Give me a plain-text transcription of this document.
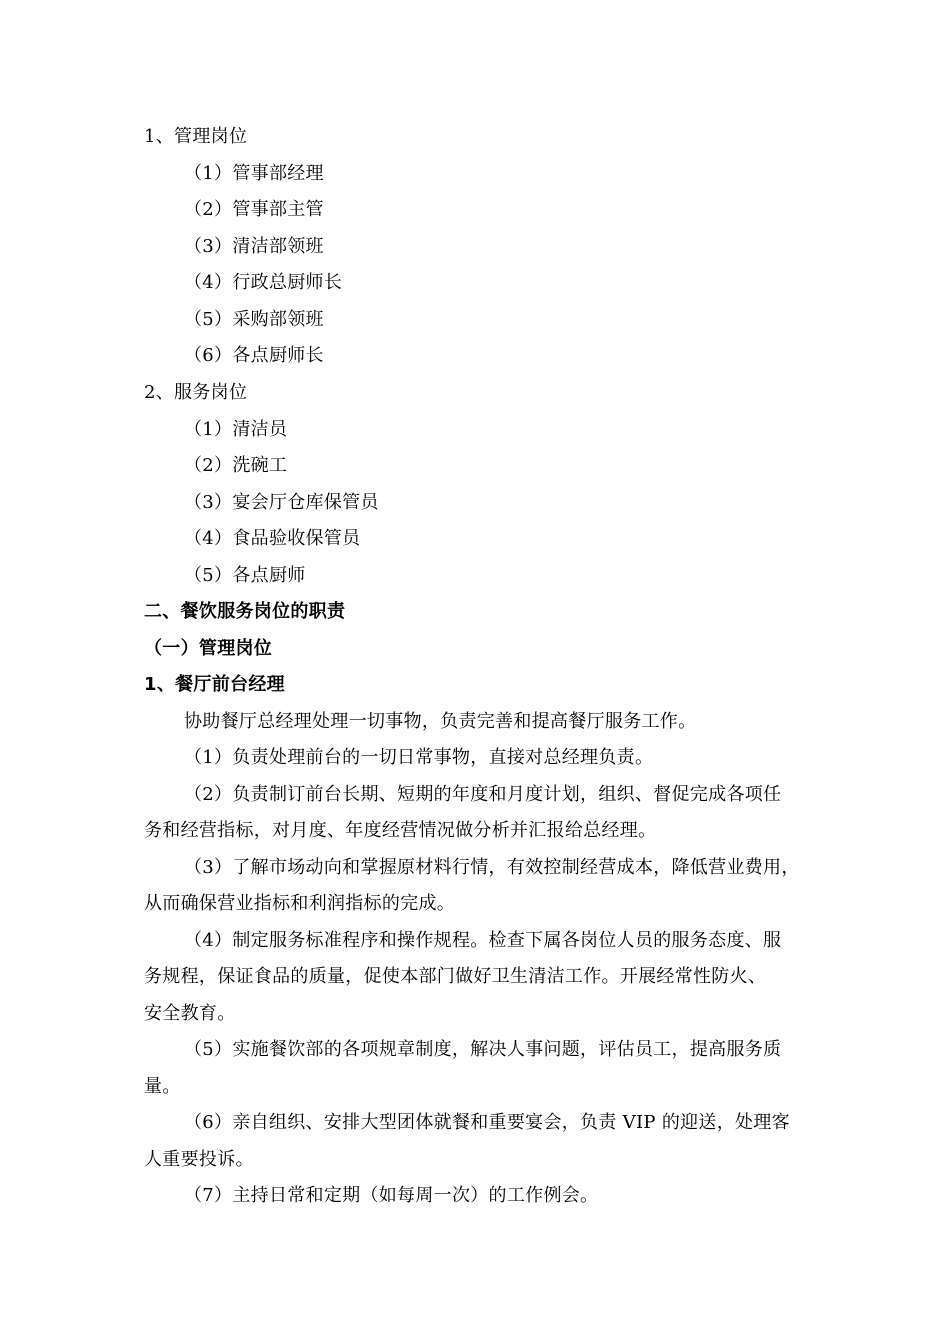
1、管理岗位
（1）管事部经理
（2）管事部主管
（3）清洁部领班
（4）行政总厨师长
（5）采购部领班
（6）各点厨师长
2、服务岗位
（1）清洁员
（2）洗碗工
（3）宴会厅仓库保管员
（4）食品验收保管员
（5）各点厨师
二、餐饮服务岗位的职责
（一）管理岗位
1、餐厅前台经理
协助餐厅总经理处理一切事物，负责完善和提高餐厅服务工作。
（1）负责处理前台的一切日常事物，直接对总经理负责。
（2）负责制订前台长期、短期的年度和月度计划，组织、督促完成各项任
务和经营指标，对月度、年度经营情况做分析并汇报给总经理。
（3）了解市场动向和掌握原材料行情，有效控制经营成本，降低营业费用，
从而确保营业指标和利润指标的完成。
（4）制定服务标准程序和操作规程。检查下属各岗位人员的服务态度、服
务规程，保证食品的质量，促使本部门做好卫生清洁工作。开展经常性防火、
安全教育。
（5）实施餐饮部的各项规章制度，解决人事问题，评估员工，提高服务质
量。
（6）亲自组织、安排大型团体就餐和重要宴会，负责 VIP 的迎送，处理客
人重要投诉。
（7）主持日常和定期（如每周一次）的工作例会。
